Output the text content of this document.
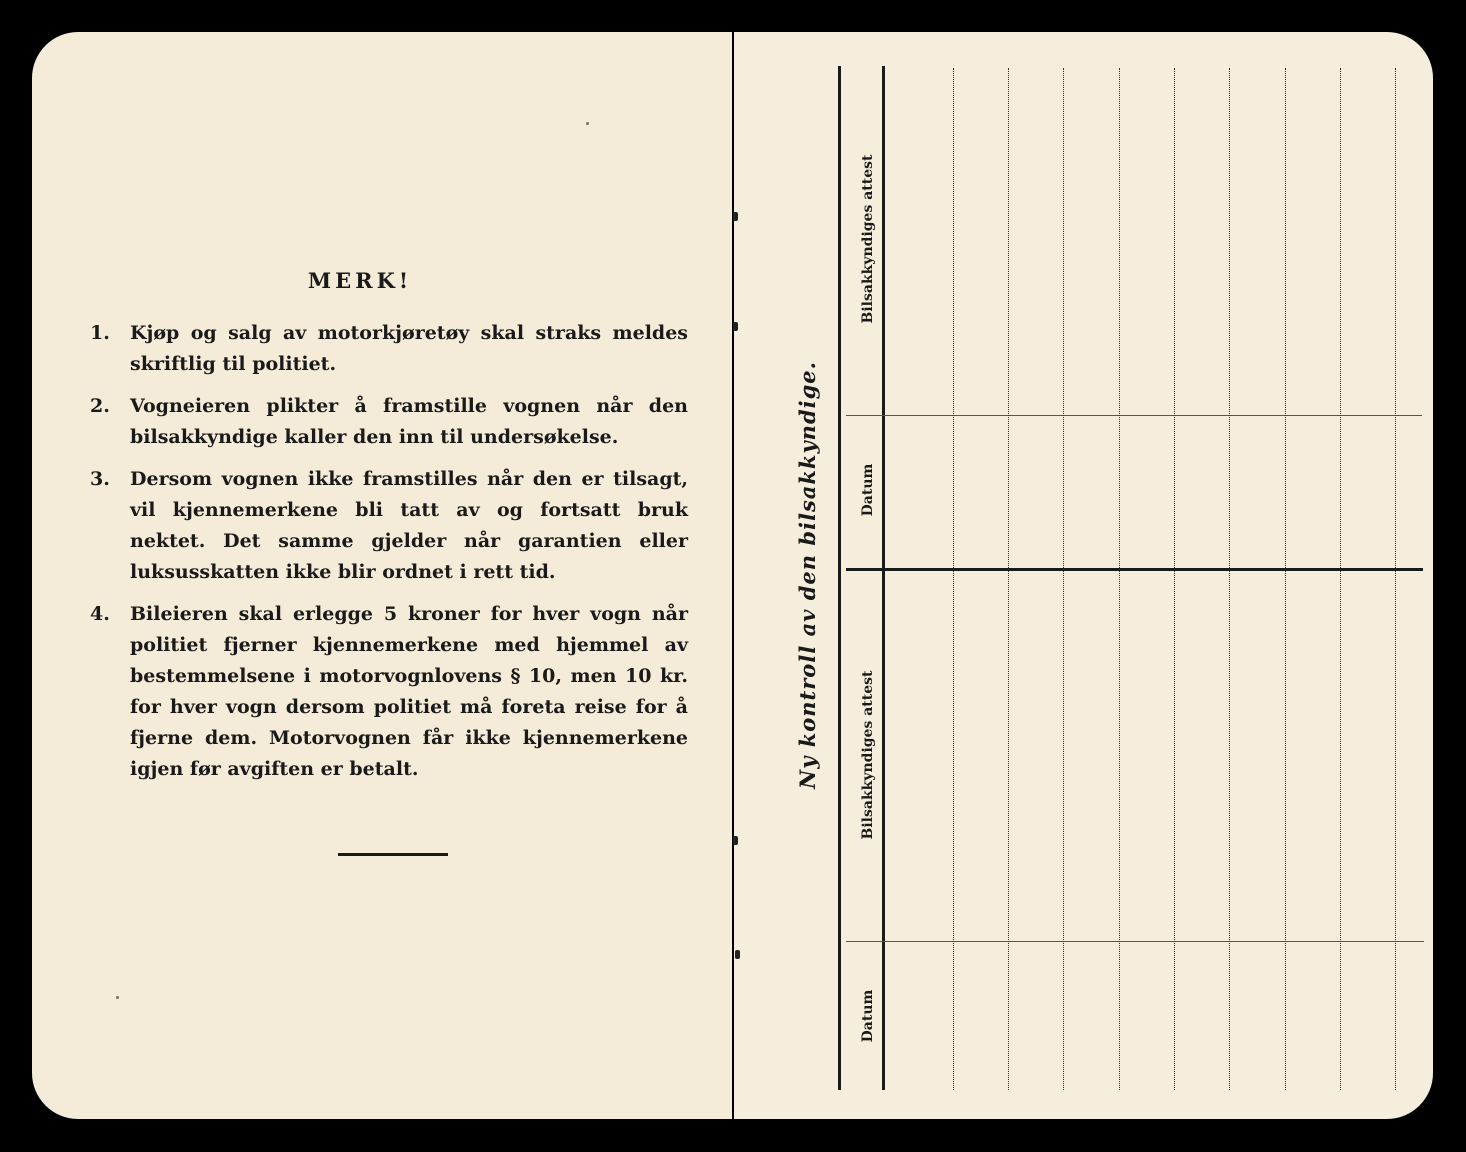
MERK!
1.	Kjøp og salg av motorkjøretøy skal straks meldes skriftlig til politiet.
2.	Vogneieren plikter å framstille vognen når den bilsakkyndige kaller den inn til undersøkelse.
3.	Dersom vognen ikke framstilles når den er tilsagt, vil kjennemerkene bli tatt av og fortsatt bruk nektet. Det samme gjelder når garantien eller luksusskatten ikke blir ordnet i rett tid.
4.	Bileieren skal erlegge 5 kroner for hver vogn når politiet fjerner kjennemerkene med hjemmel av bestemmelsene i motorvognlovens § 10, men 10 kr. for hver vogn dersom politiet må foreta reise for å fjerne dem. Motorvognen får ikke kjennemerkene igjen før avgiften er betalt.	Ny kontroll av den bilsakkyndige.
Bilsakkyndiges attest
Datum
Bilsakkyndiges attest
Datum
